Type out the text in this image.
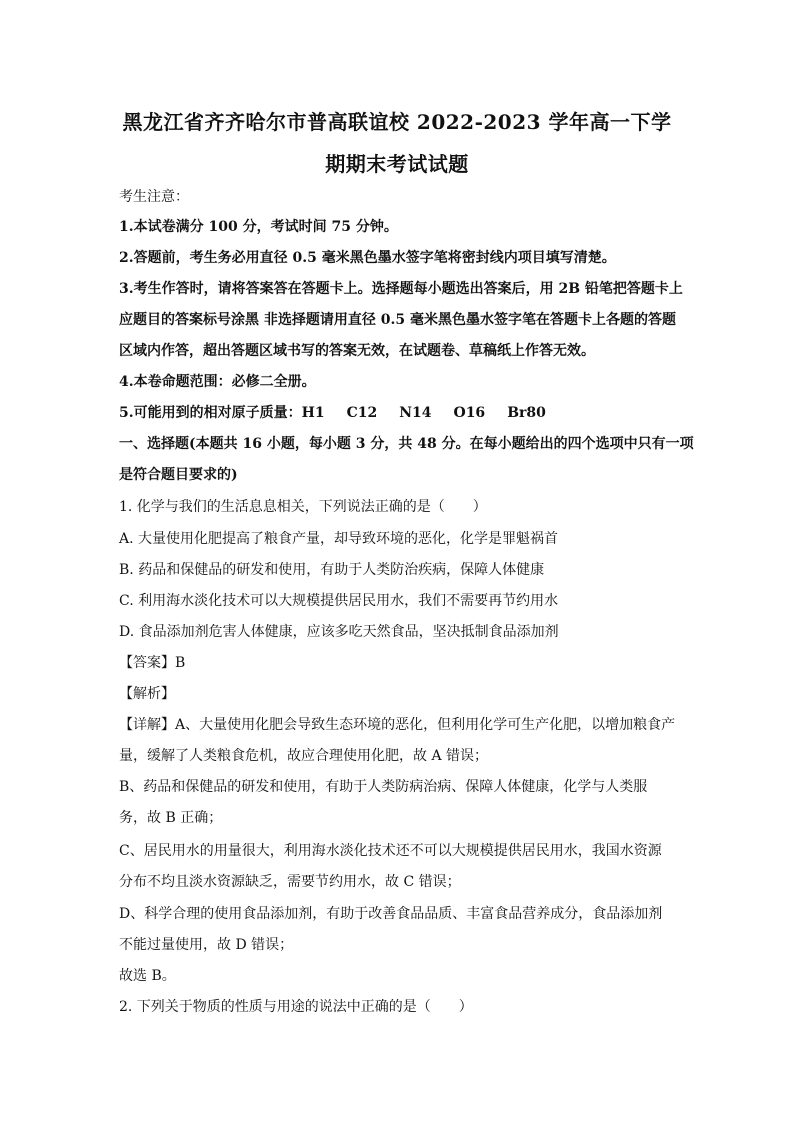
黑龙江省齐齐哈尔市普高联谊校 2022-2023 学年高一下学
期期末考试试题
考生注意：
1.本试卷满分 100 分，考试时间 75 分钟。
2.答题前，考生务必用直径 0.5 毫米黑色墨水签字笔将密封线内项目填写清楚。
3.考生作答时，请将答案答在答题卡上。选择题每小题选出答案后，用 2B 铅笔把答题卡上
应题目的答案标号涂黑 非选择题请用直径 0.5 毫米黑色墨水签字笔在答题卡上各题的答题
区域内作答，超出答题区域书写的答案无效，在试题卷、草稿纸上作答无效。
4.本卷命题范围：必修二全册。
5.可能用到的相对原子质量：H1 C12 N14 O16 Br80
一、选择题(本题共 16 小题，每小题 3 分，共 48 分。在每小题给出的四个选项中只有一项
是符合题目要求的)
1. 化学与我们的生活息息相关，下列说法正确的是（　　）
A. 大量使用化肥提高了粮食产量，却导致环境的恶化，化学是罪魁祸首
B. 药品和保健品的研发和使用，有助于人类防治疾病，保障人体健康
C. 利用海水淡化技术可以大规模提供居民用水，我们不需要再节约用水
D. 食品添加剂危害人体健康，应该多吃天然食品，坚决抵制食品添加剂
【答案】B
【解析】
【详解】A、大量使用化肥会导致生态环境的恶化，但利用化学可生产化肥，以增加粮食产
量，缓解了人类粮食危机，故应合理使用化肥，故 A 错误；
B、药品和保健品的研发和使用，有助于人类防病治病、保障人体健康，化学与人类服
务，故 B 正确；
C、居民用水的用量很大，利用海水淡化技术还不可以大规模提供居民用水，我国水资源
分布不均且淡水资源缺乏，需要节约用水，故 C 错误；
D、科学合理的使用食品添加剂，有助于改善食品品质、丰富食品营养成分，食品添加剂
不能过量使用，故 D 错误；
故选 B。
2. 下列关于物质的性质与用途的说法中正确的是（　　）
